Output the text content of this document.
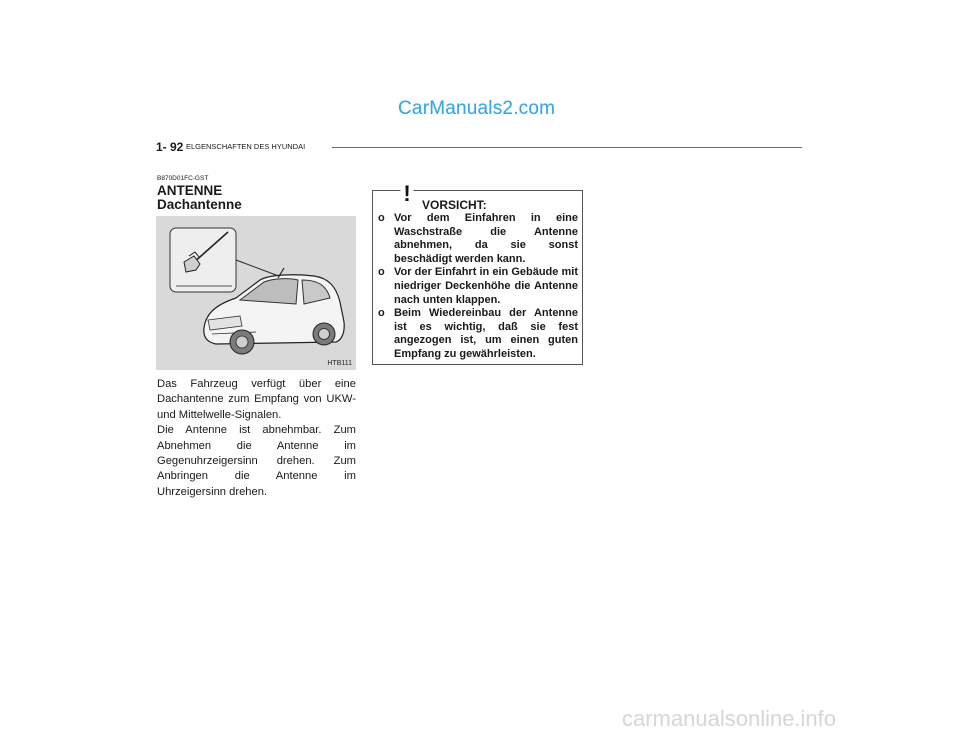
CarManuals2.com
1- 92 ELGENSCHAFTEN DES HYUNDAI
B870D01FC-GST
ANTENNE
Dachantenne
HTB111

Das Fahrzeug verfügt über eine Dachantenne zum Empfang von UKW- und Mittelwelle-Signalen.

Die Antenne ist abnehmbar. Zum Abnehmen die Antenne im Gegenuhrzeigersinn drehen. Zum Anbringen die Antenne im Uhrzeigersinn drehen.

! VORSICHT:
o Vor dem Einfahren in eine Waschstraße die Antenne abnehmen, da sie sonst beschädigt werden kann.
o Vor der Einfahrt in ein Gebäude mit niedriger Deckenhöhe die Antenne nach unten klappen.
o Beim Wiedereinbau der Antenne ist es wichtig, daß sie fest angezogen ist, um einen guten Empfang zu gewährleisten.
carmanualsonline.info
